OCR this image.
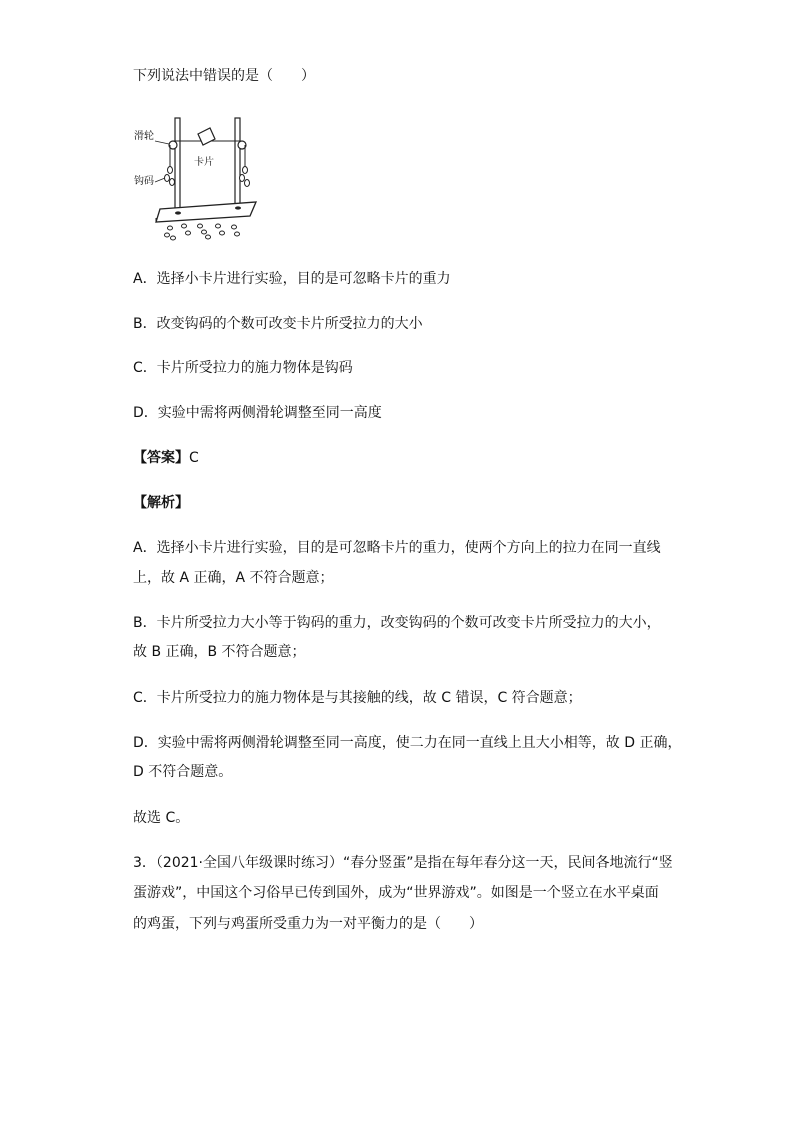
下列说法中错误的是（　　）
滑轮
卡片
钩码
A．选择小卡片进行实验，目的是可忽略卡片的重力
B．改变钩码的个数可改变卡片所受拉力的大小
C．卡片所受拉力的施力物体是钩码
D．实验中需将两侧滑轮调整至同一高度
【答案】C
【解析】
A．选择小卡片进行实验，目的是可忽略卡片的重力，使两个方向上的拉力在同一直线
上，故 A 正确，A 不符合题意；
B．卡片所受拉力大小等于钩码的重力，改变钩码的个数可改变卡片所受拉力的大小，
故 B 正确，B 不符合题意；
C．卡片所受拉力的施力物体是与其接触的线，故 C 错误，C 符合题意；
D．实验中需将两侧滑轮调整至同一高度，使二力在同一直线上且大小相等，故 D 正确，
D 不符合题意。
故选 C。
3．（2021·全国八年级课时练习）“春分竖蛋”是指在每年春分这一天，民间各地流行“竖
蛋游戏”，中国这个习俗早已传到国外，成为“世界游戏”。如图是一个竖立在水平桌面
的鸡蛋，下列与鸡蛋所受重力为一对平衡力的是（　　）
